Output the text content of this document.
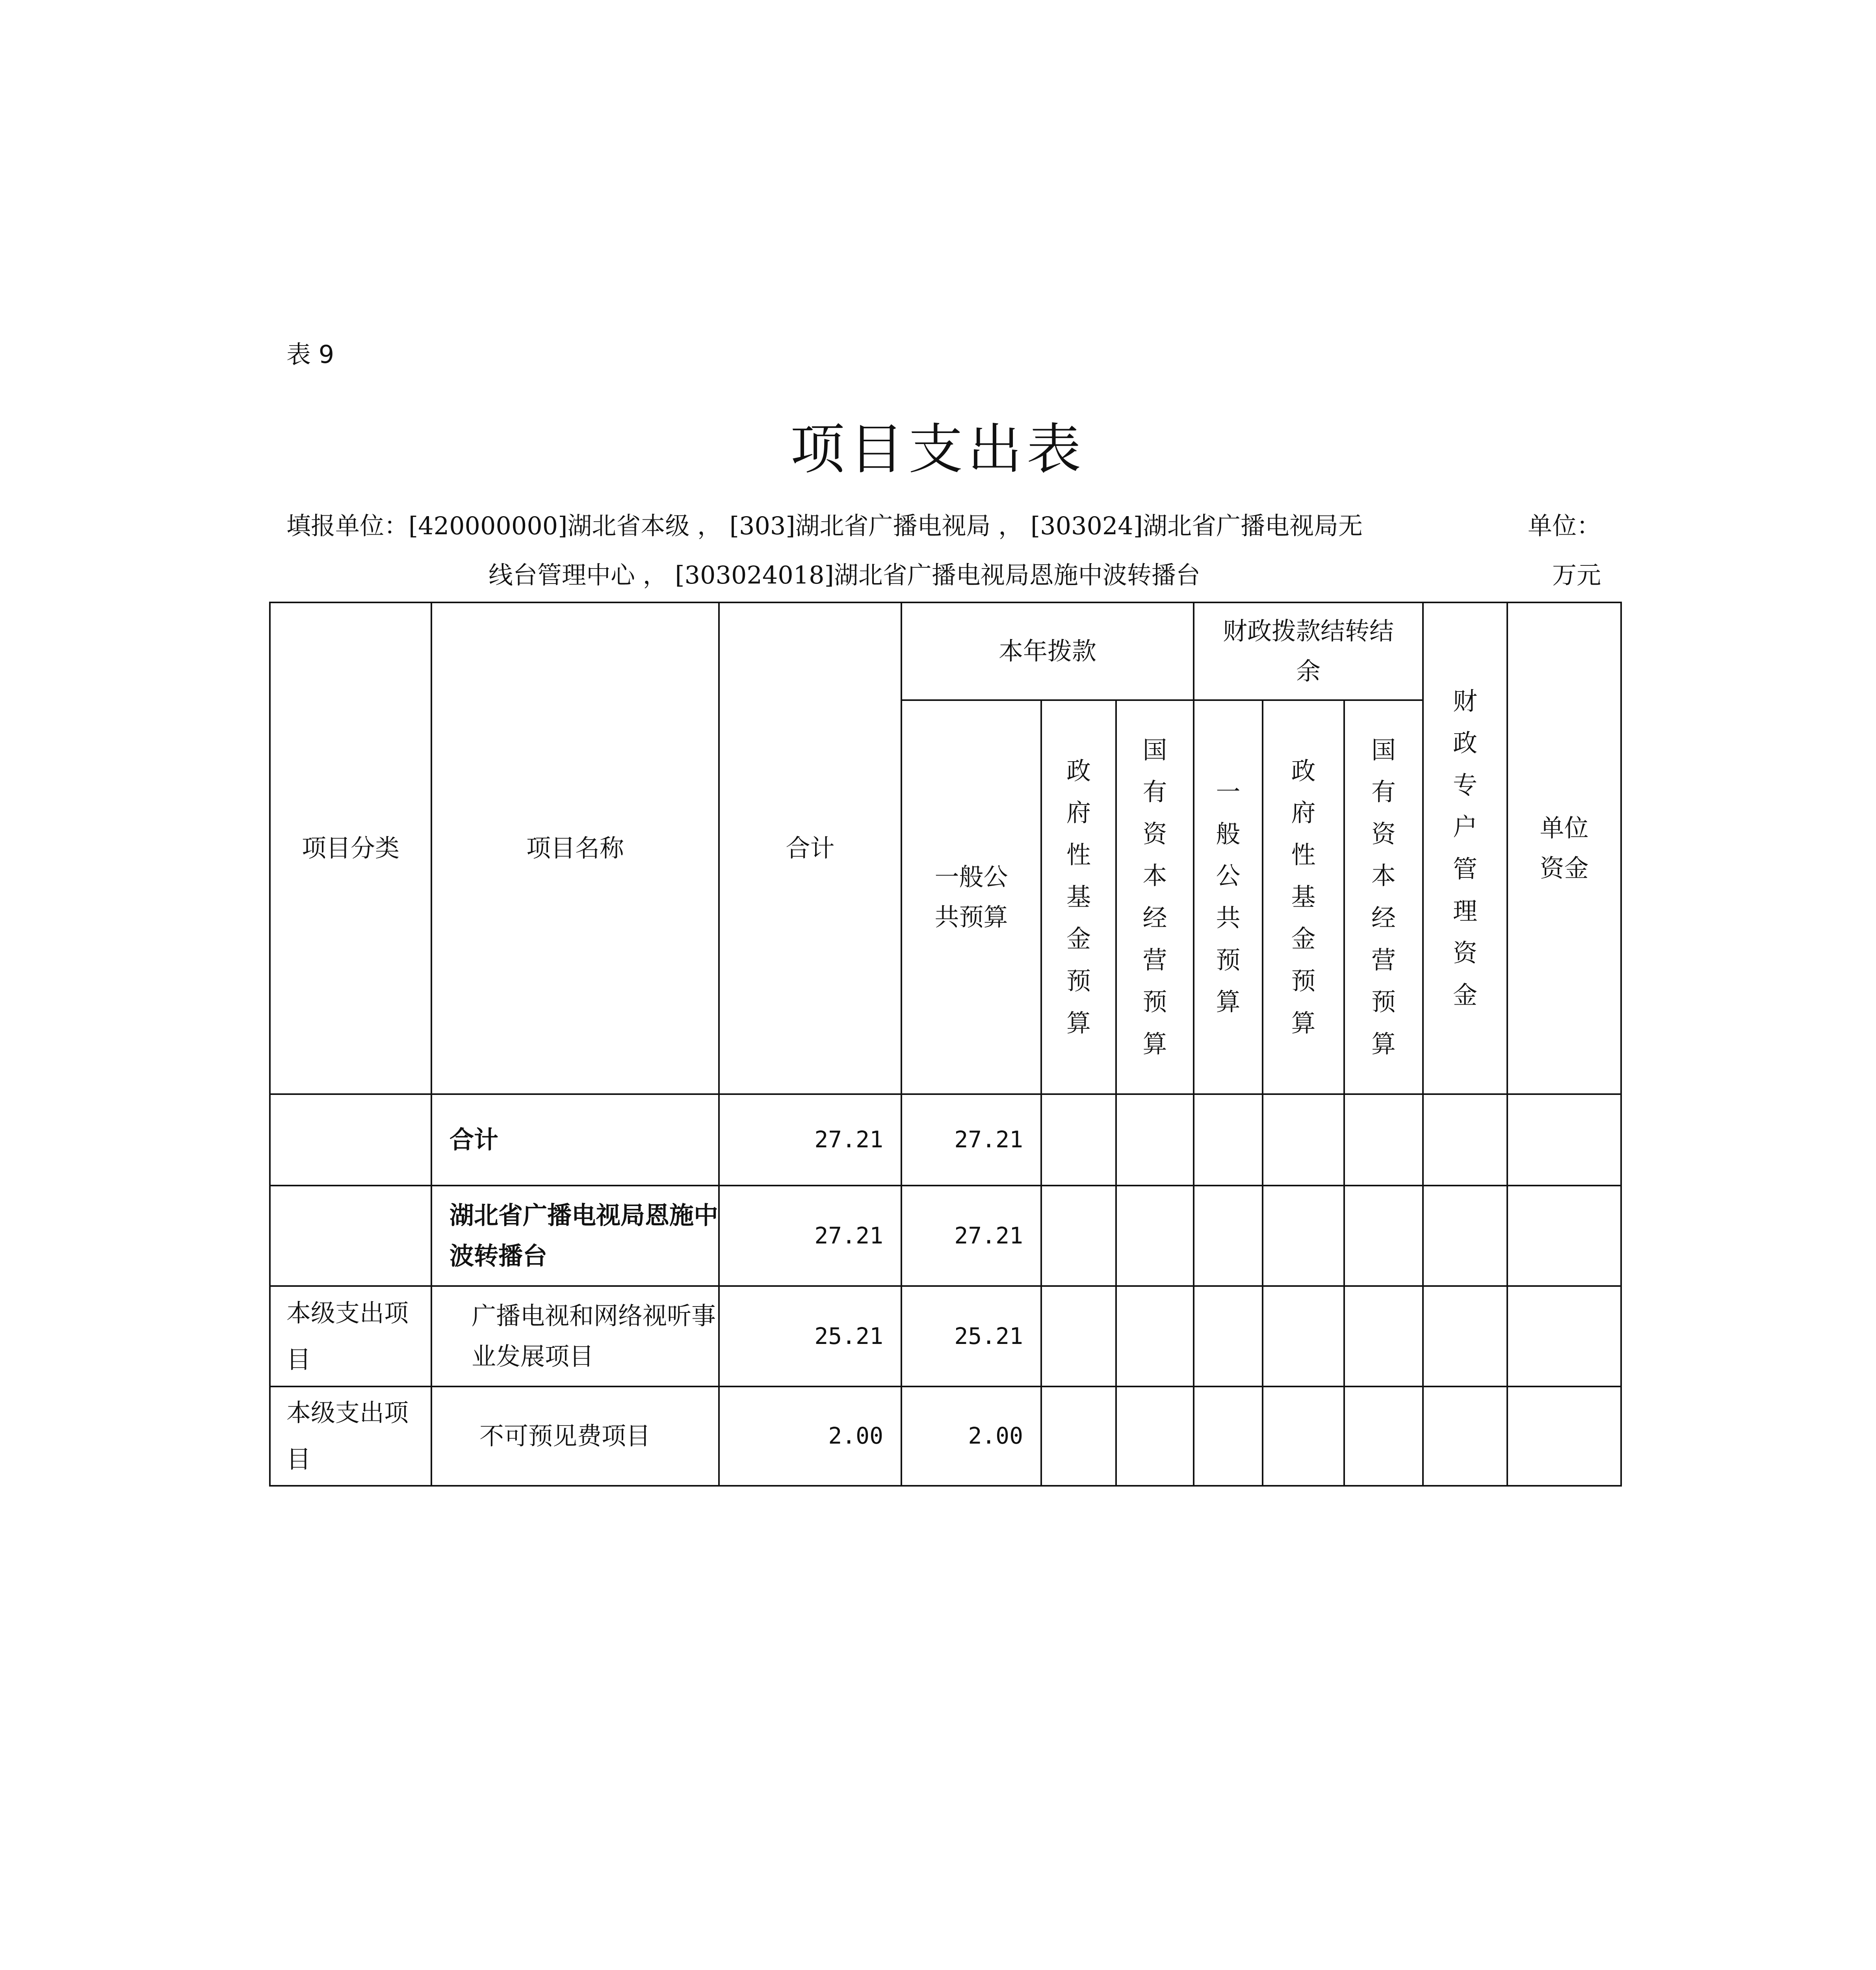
表 9
项目支出表
填报单位：[420000000]湖北省本级 ， [303]湖北省广播电视局 ， [303024]湖北省广播电视局无	单位：
线台管理中心 ， [303024018]湖北省广播电视局恩施中波转播台	万元
项目分类	项目名称	合计	本年拨款			财政拨款结转结余			财政专户管理资金	单位资金
			一般公共预算	政府性基金预算	国有资本经营预算	一般公共预算	政府性基金预算	国有资本经营预算		
	合计	27.21	27.21							
	湖北省广播电视局恩施中波转播台	27.21	27.21							
本级支出项目	广播电视和网络视听事业发展项目	25.21	25.21							
本级支出项目	不可预见费项目	2.00	2.00							
